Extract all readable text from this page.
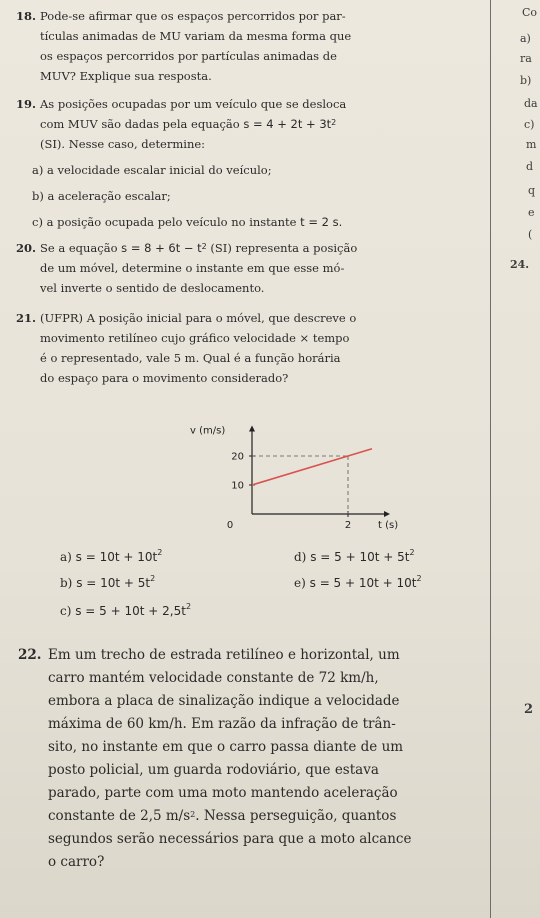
18. Pode-se afirmar que os espaços percorridos por par-
tículas animadas de MU variam da mesma forma que
os espaços percorridos por partículas animadas de
MUV? Explique sua resposta.
19. As posições ocupadas por um veículo que se desloca
com MUV são dadas pela equação $s = 4 + 2t + 3t^2$
(SI). Nesse caso, determine:
a) a velocidade escalar inicial do veículo;
b) a aceleração escalar;
c) a posição ocupada pelo veículo no instante t = 2 s.
20. Se a equação $s = 8 + 6t - t^2$ (SI) representa a posição
de um móvel, determine o instante em que esse mó-
vel inverte o sentido de deslocamento.
21. (UFPR) A posição inicial para o móvel, que descreve o
movimento retilíneo cujo gráfico velocidade × tempo
é o representado, vale 5 m. Qual é a função horária
do espaço para o movimento considerado?
v (m/s)
t (s)
10
20
0	2
a) $s = 10t + 10t^2$
b) $s = 10t + 5t^2$
c) $s = 5 + 10t + 2,5t^2$
d) $s = 5 + 10t + 5t^2$
e) $s = 5 + 10t + 10t^2$
22. Em um trecho de estrada retilíneo e horizontal, um
carro mantém velocidade constante de 72 km/h,
embora a placa de sinalização indique a velocidade
máxima de 60 km/h. Em razão da infração de trân-
sito, no instante em que o carro passa diante de um
posto policial, um guarda rodoviário, que estava
parado, parte com uma moto mantendo aceleração
constante de 2,5 $m/s^2$. Nessa perseguição, quantos
segundos serão necessários para que a moto alcance
o carro?
Co
a)
ra
b)
da
c)
m
d
q
e
(
24.
2
